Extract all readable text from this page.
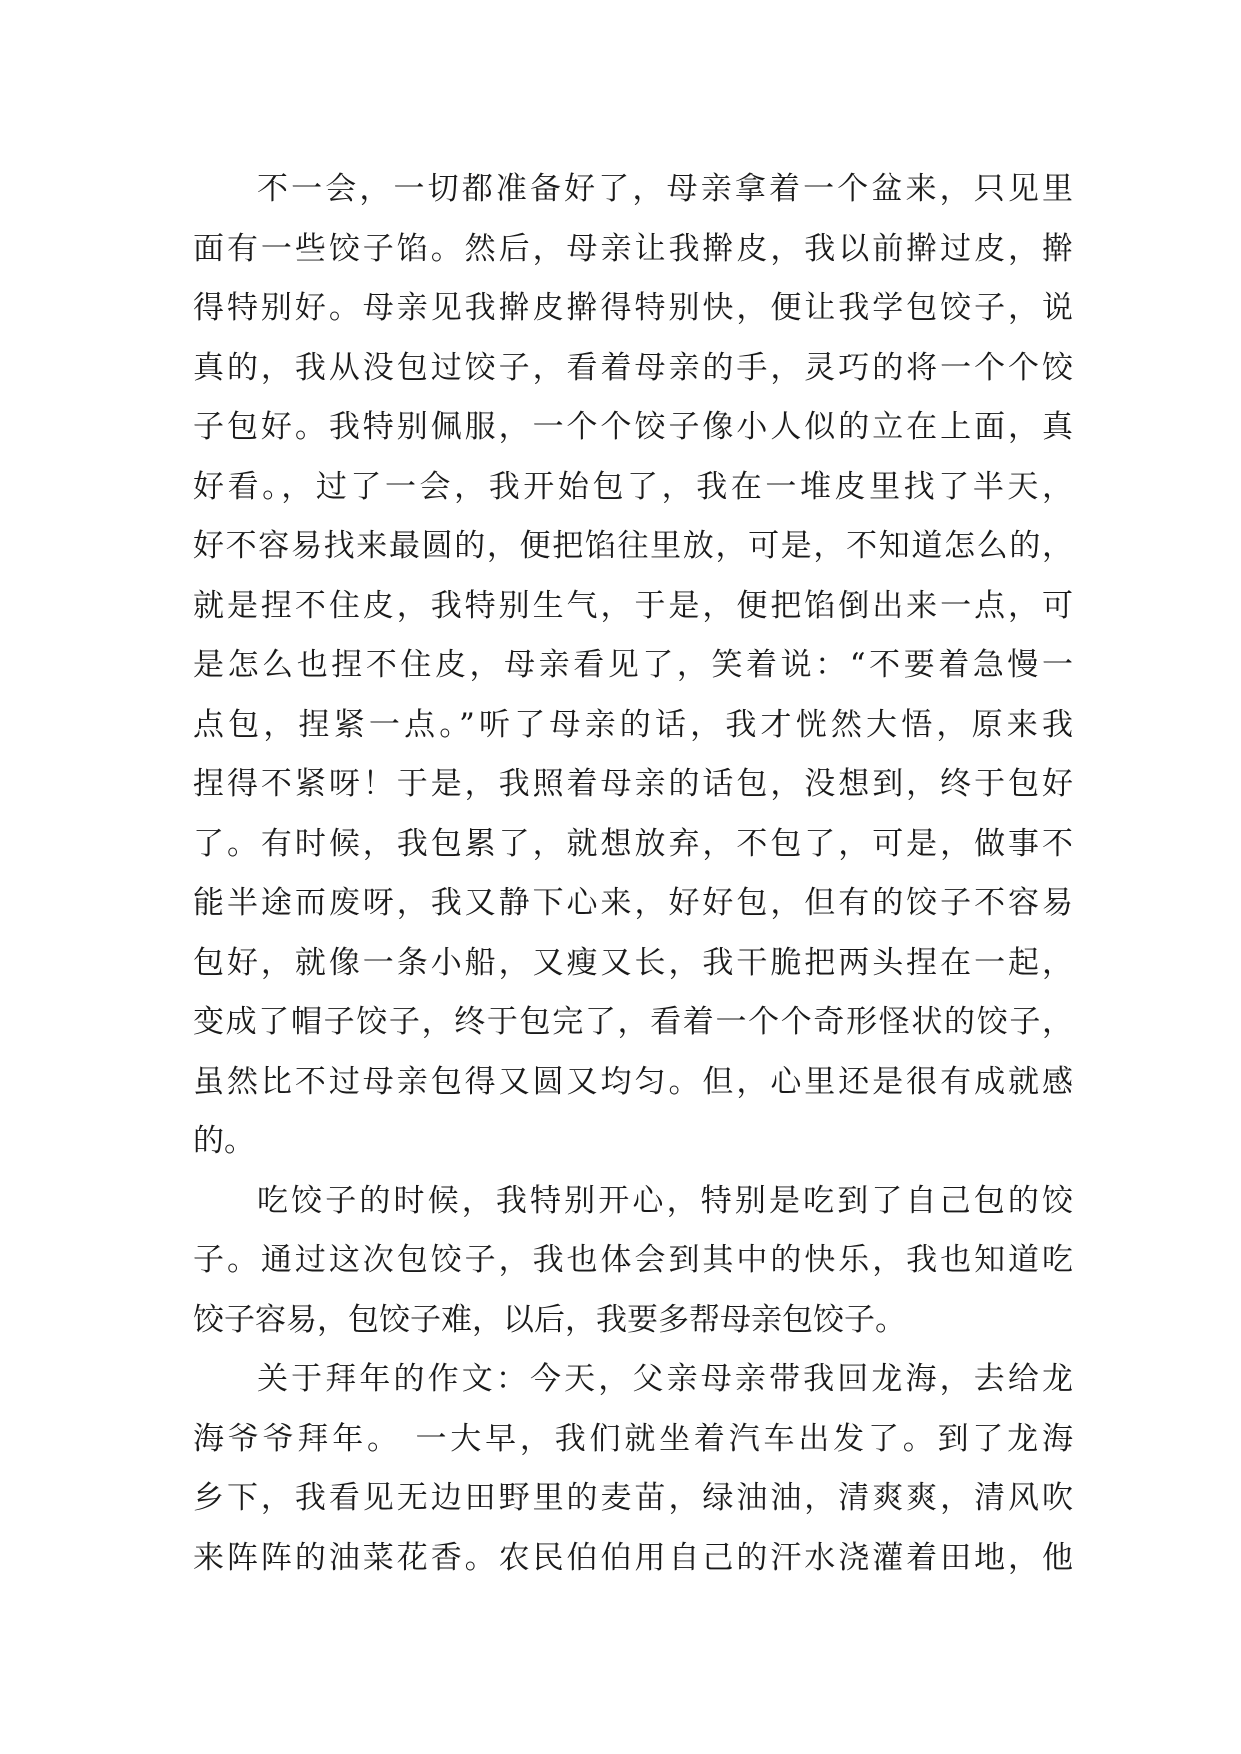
不一会，一切都准备好了，母亲拿着一个盆来，只见里
面有一些饺子馅。然后，母亲让我擀皮，我以前擀过皮，擀
得特别好。母亲见我擀皮擀得特别快，便让我学包饺子，说
真的，我从没包过饺子，看着母亲的手，灵巧的将一个个饺
子包好。我特别佩服，一个个饺子像小人似的立在上面，真
好看。，过了一会，我开始包了，我在一堆皮里找了半天，
好不容易找来最圆的，便把馅往里放，可是，不知道怎么的，
就是捏不住皮，我特别生气，于是，便把馅倒出来一点，可
是怎么也捏不住皮，母亲看见了，笑着说：“不要着急慢一
点包，捏紧一点。”听了母亲的话，我才恍然大悟，原来我
捏得不紧呀！于是，我照着母亲的话包，没想到，终于包好
了。有时候，我包累了，就想放弃，不包了，可是，做事不
能半途而废呀，我又静下心来，好好包，但有的饺子不容易
包好，就像一条小船，又瘦又长，我干脆把两头捏在一起，
变成了帽子饺子，终于包完了，看着一个个奇形怪状的饺子，
虽然比不过母亲包得又圆又均匀。但，心里还是很有成就感
的。
吃饺子的时候，我特别开心，特别是吃到了自己包的饺
子。通过这次包饺子，我也体会到其中的快乐，我也知道吃
饺子容易，包饺子难，以后，我要多帮母亲包饺子。
关于拜年的作文：今天，父亲母亲带我回龙海，去给龙
海爷爷拜年。 一大早，我们就坐着汽车出发了。到了龙海
乡下，我看见无边田野里的麦苗，绿油油，清爽爽，清风吹
来阵阵的油菜花香。农民伯伯用自己的汗水浇灌着田地，他
